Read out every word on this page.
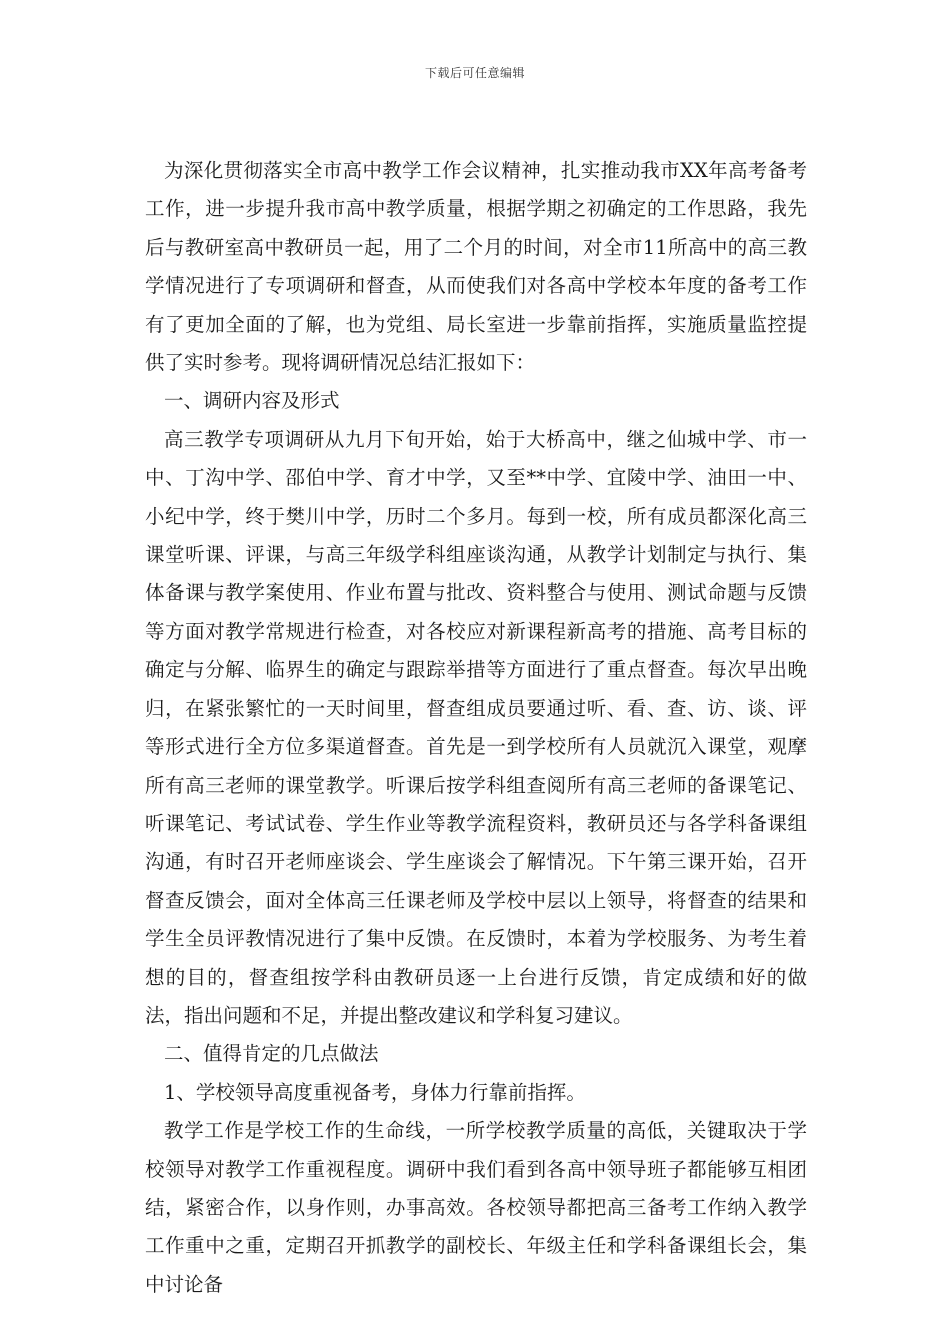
下载后可任意编辑

为深化贯彻落实全市高中教学工作会议精神，扎实推动我市XX年高考备考工作，进一步提升我市高中教学质量，根据学期之初确定的工作思路，我先后与教研室高中教研员一起，用了二个月的时间，对全市11所高中的高三教学情况进行了专项调研和督查，从而使我们对各高中学校本年度的备考工作有了更加全面的了解，也为党组、局长室进一步靠前指挥，实施质量监控提供了实时参考。现将调研情况总结汇报如下：

一、调研内容及形式

高三教学专项调研从九月下旬开始，始于大桥高中，继之仙城中学、市一中、丁沟中学、邵伯中学、育才中学，又至**中学、宜陵中学、油田一中、小纪中学，终于樊川中学，历时二个多月。每到一校，所有成员都深化高三课堂听课、评课，与高三年级学科组座谈沟通，从教学计划制定与执行、集体备课与教学案使用、作业布置与批改、资料整合与使用、测试命题与反馈等方面对教学常规进行检查，对各校应对新课程新高考的措施、高考目标的确定与分解、临界生的确定与跟踪举措等方面进行了重点督查。每次早出晚归，在紧张繁忙的一天时间里，督查组成员要通过听、看、查、访、谈、评等形式进行全方位多渠道督查。首先是一到学校所有人员就沉入课堂，观摩所有高三老师的课堂教学。听课后按学科组查阅所有高三老师的备课笔记、听课笔记、考试试卷、学生作业等教学流程资料，教研员还与各学科备课组沟通，有时召开老师座谈会、学生座谈会了解情况。下午第三课开始，召开督查反馈会，面对全体高三任课老师及学校中层以上领导，将督查的结果和学生全员评教情况进行了集中反馈。在反馈时，本着为学校服务、为考生着想的目的，督查组按学科由教研员逐一上台进行反馈，肯定成绩和好的做法，指出问题和不足，并提出整改建议和学科复习建议。

二、值得肯定的几点做法

1、学校领导高度重视备考，身体力行靠前指挥。

教学工作是学校工作的生命线，一所学校教学质量的高低，关键取决于学校领导对教学工作重视程度。调研中我们看到各高中领导班子都能够互相团结，紧密合作，以身作则，办事高效。各校领导都把高三备考工作纳入教学工作重中之重，定期召开抓教学的副校长、年级主任和学科备课组长会，集中讨论备
